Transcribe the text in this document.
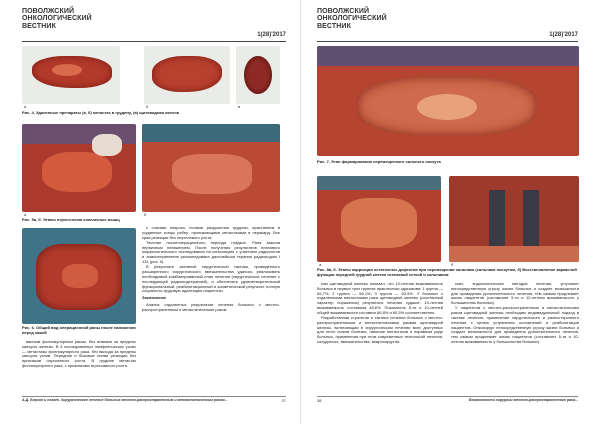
ПОВОЛЖСКИЙ
ОНКОЛОГИЧЕСКИЙ
ВЕСТНИК
1(28)'2017
а	б	в
Рис. 4. Удаленные препараты (а, б) метастаз в грудину, (в) щитовидная железа
а	б
Рис. 5а, б. Этапы пересечения ключичных мышц
Рис. 6. Общий вид операционной раны после наложения перед кожей

ванным фолликулярным раком, без инвазии за пределы капсулы железы. В 4 исследованных лимфатических узлах — метастазы фолликулярного рака, без выхода за пределы капсулы узлов. Передние и боковые линии резекции без признаков опухолевого роста. В грудине метастаз фолликулярного рака, с признаками агрессивного роста.

с очагами некроза, полями разрушения грудины, врастанием в грудинные концы ребер, проникающими метастазами в перикард. Все края резекции без опухолевого роста.

Течение послеоперационного периода гладкое. Рана зажила первичным натяжением. После получения результатов планового морфологического исследования на консилиуме с участием радиологов и химиотерапевтов рекомендована дальнейшая терапия радиоиодом I 131 (рис. 9).

В результате активной хирургической тактики, проведенного расширенного хирургического вмешательства удалось реализовать необходимый комбинированный план лечения (хирургическое лечение с последующей радиоиодтерапией), и обеспечить удовлетворительный функциональный, реабилитационный и косметический результат, полную социально-трудовую адаптацию пациентки.

Заключение

Анализ отдаленных результатов лечения больных с местно-распространенным и метастатическим раком

А.Д. Берзин и соавт. Хирургическое лечение больных местно-распространенным и метастатическим раком...	37
ПОВОЛЖСКИЙ
ОНКОЛОГИЧЕСКИЙ
ВЕСТНИК
1(28)'2017
Рис. 7. Этап формирования перемещенного сального лоскута
а	б
Рис. 8а, б. Этапы коррекции остаточных дефектов при перемещении сальника (сальника лоскутом, б) Восстановление каркасной функции передней грудной клетки титановой сеткой и сальником

ком щитовидной железы показал, что 10-летняя выживаемость больных в первых трех группах практически одинакова: 1 группа — 65,7%; 2 группа — 66,1%; 3 группа — 63,9%. У больных с отдаленными метастазами рака щитовидной железы (сочетанный характер поражения) результаты лечения худшие. 10-летняя выживаемость составила 48,6%. Показатель 5-ти и 10-летней общей выживаемости составил 66,8% и 60,5% соответственно.

Разработанная стратегия и тактика лечения больных с местно-распространенными и метастатическими раками щитовидной железы, включающая в хирургическом лечении всех доступных для этого очагов болезни, наличие метастазов и наравном ряде больных, применения при этом современных технологий лечения, сосудистых, вмешательства, микрохирургии.

ских, эндоскопических методов лечения, устраняет непосредственную угрозу жизни больных и создает возможности для проведения дополнительного лечения, тем самым продлевает жизнь пациентов (составляет 5-ти и 10-летняя выживаемость у большинства больных).

У пациентов с местно-распространенным и метастатическим раком щитовидной железы необходим индивидуальный подход в тактике лечения, применение хирургического и разностороннего лечения с целью устранения осложнений и реабилитации пациентов. Онкохирург непосредственную угрозу жизни больных и создает возможности для проведения дополнительного лечения, тем самым продлевает жизнь пациентов (составляет 5-ти и 10-летняя выживаемость у большинства больных).

38	Возможности хирургии местно-распространенного рака...
